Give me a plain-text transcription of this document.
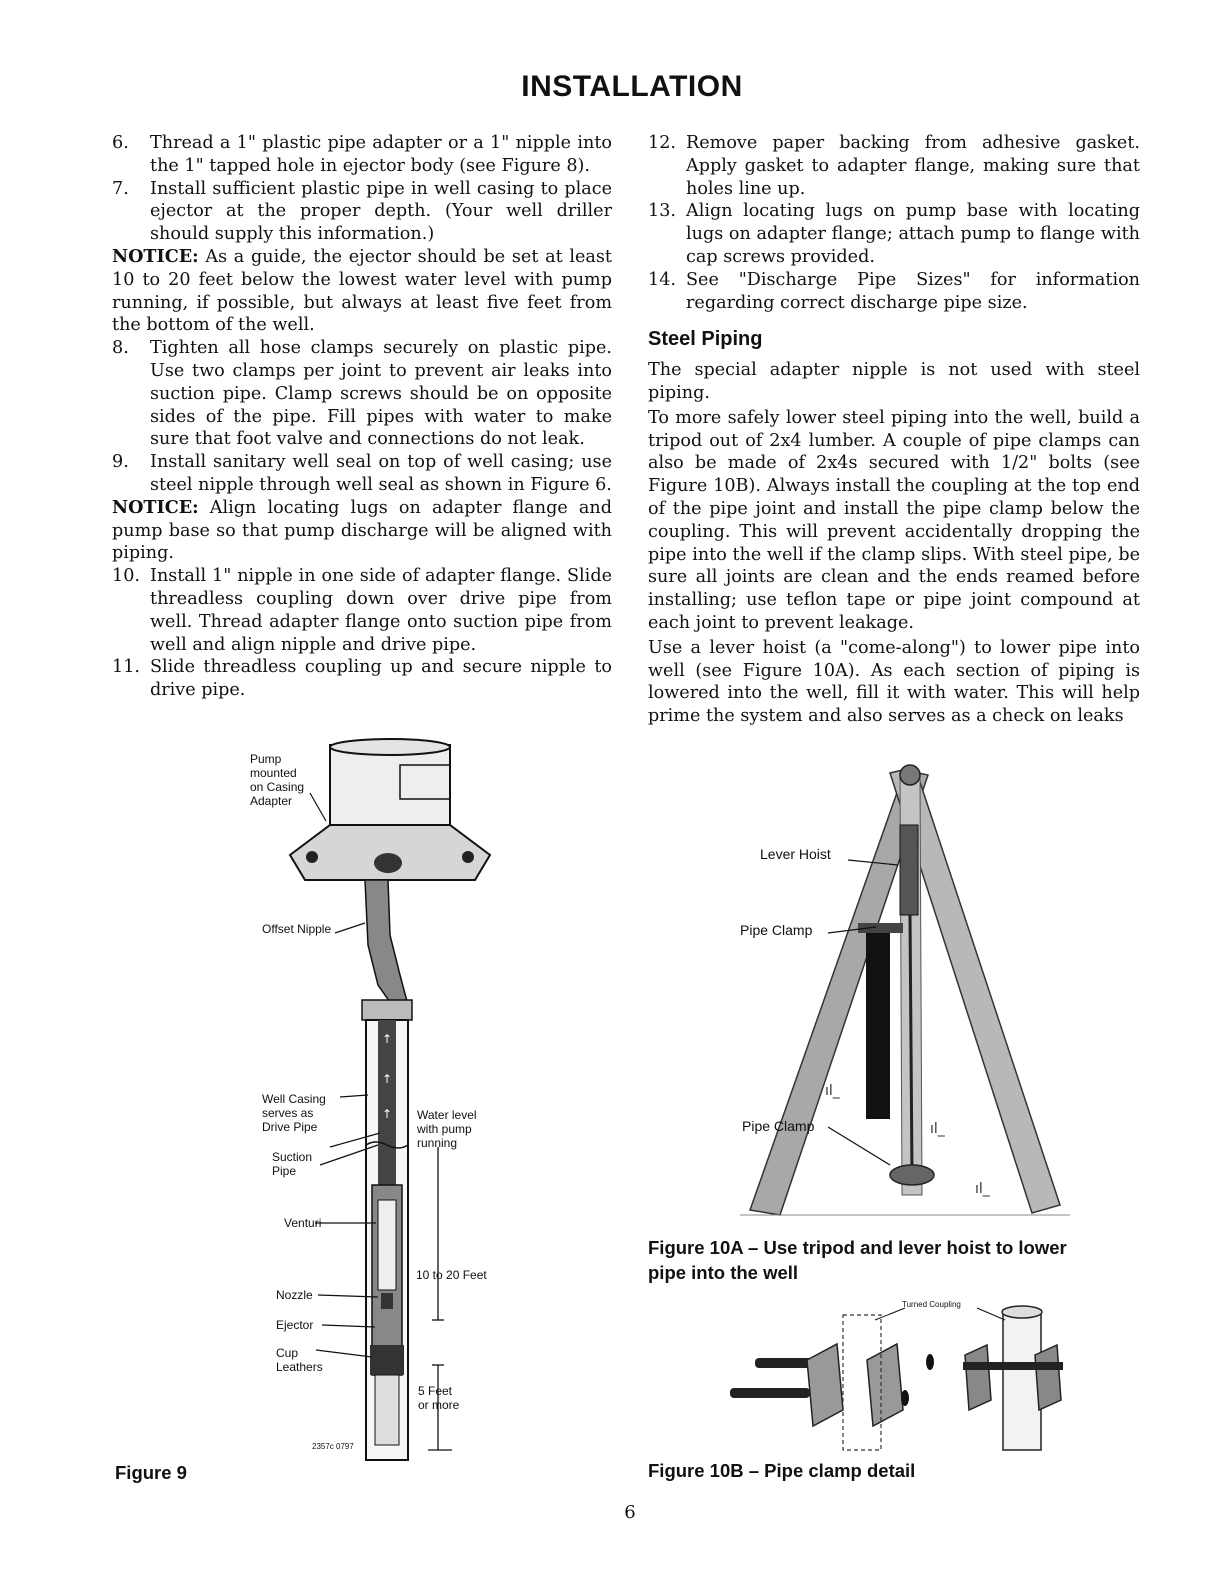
INSTALLATION
6.	Thread a 1" plastic pipe adapter or a 1" nipple into the 1" tapped hole in ejector body (see Figure 8).
7.	Install sufficient plastic pipe in well casing to place ejector at the proper depth. (Your well driller should supply this information.)

NOTICE: As a guide, the ejector should be set at least 10 to 20 feet below the lowest water level with pump running, if possible, but always at least five feet from the bottom of the well.

8.	Tighten all hose clamps securely on plastic pipe. Use two clamps per joint to prevent air leaks into suction pipe. Clamp screws should be on opposite sides of the pipe. Fill pipes with water to make sure that foot valve and connections do not leak.
9.	Install sanitary well seal on top of well casing; use steel nipple through well seal as shown in Figure 6.

NOTICE: Align locating lugs on adapter flange and pump base so that pump discharge will be aligned with piping.

10. Install 1" nipple in one side of adapter flange. Slide threadless coupling down over drive pipe from well. Thread adapter flange onto suction pipe from well and align nipple and drive pipe.
11. Slide threadless coupling up and secure nipple to drive pipe.
12. Remove paper backing from adhesive gasket. Apply gasket to adapter flange, making sure that holes line up.
13. Align locating lugs on pump base with locating lugs on adapter flange; attach pump to flange with cap screws provided.
14. See "Discharge Pipe Sizes" for information regarding correct discharge pipe size.
Steel Piping

The special adapter nipple is not used with steel piping.

To more safely lower steel piping into the well, build a tripod out of 2x4 lumber. A couple of pipe clamps can also be made of 2x4s secured with 1/2" bolts (see Figure 10B). Always install the coupling at the top end of the pipe joint and install the pipe clamp below the coupling. This will prevent accidentally dropping the pipe into the well if the clamp slips. With steel pipe, be sure all joints are clean and the ends reamed before installing; use teflon tape or pipe joint compound at each joint to prevent leakage.

Use a lever hoist (a "come-along") to lower pipe into well (see Figure 10A). As each section of piping is lowered into the well, fill it with water. This will help prime the system and also serves as a check on leaks

↑
↑
↑
Pump
mounted
on Casing
Adapter
Offset Nipple
Well Casing
serves as
Drive Pipe
Suction
Pipe
Water level
with pump
running
Venturi
10 to 20 Feet
Nozzle
Ejector
Cup
Leathers
5 Feet
or more
2357c 0797
Figure 9
ıl_
ıl_
ıl_
Lever Hoist
Pipe Clamp
Pipe Clamp
Figure 10A – Use tripod and lever hoist to lower
pipe into the well
Turned Coupling
Figure 10B – Pipe clamp detail
6
